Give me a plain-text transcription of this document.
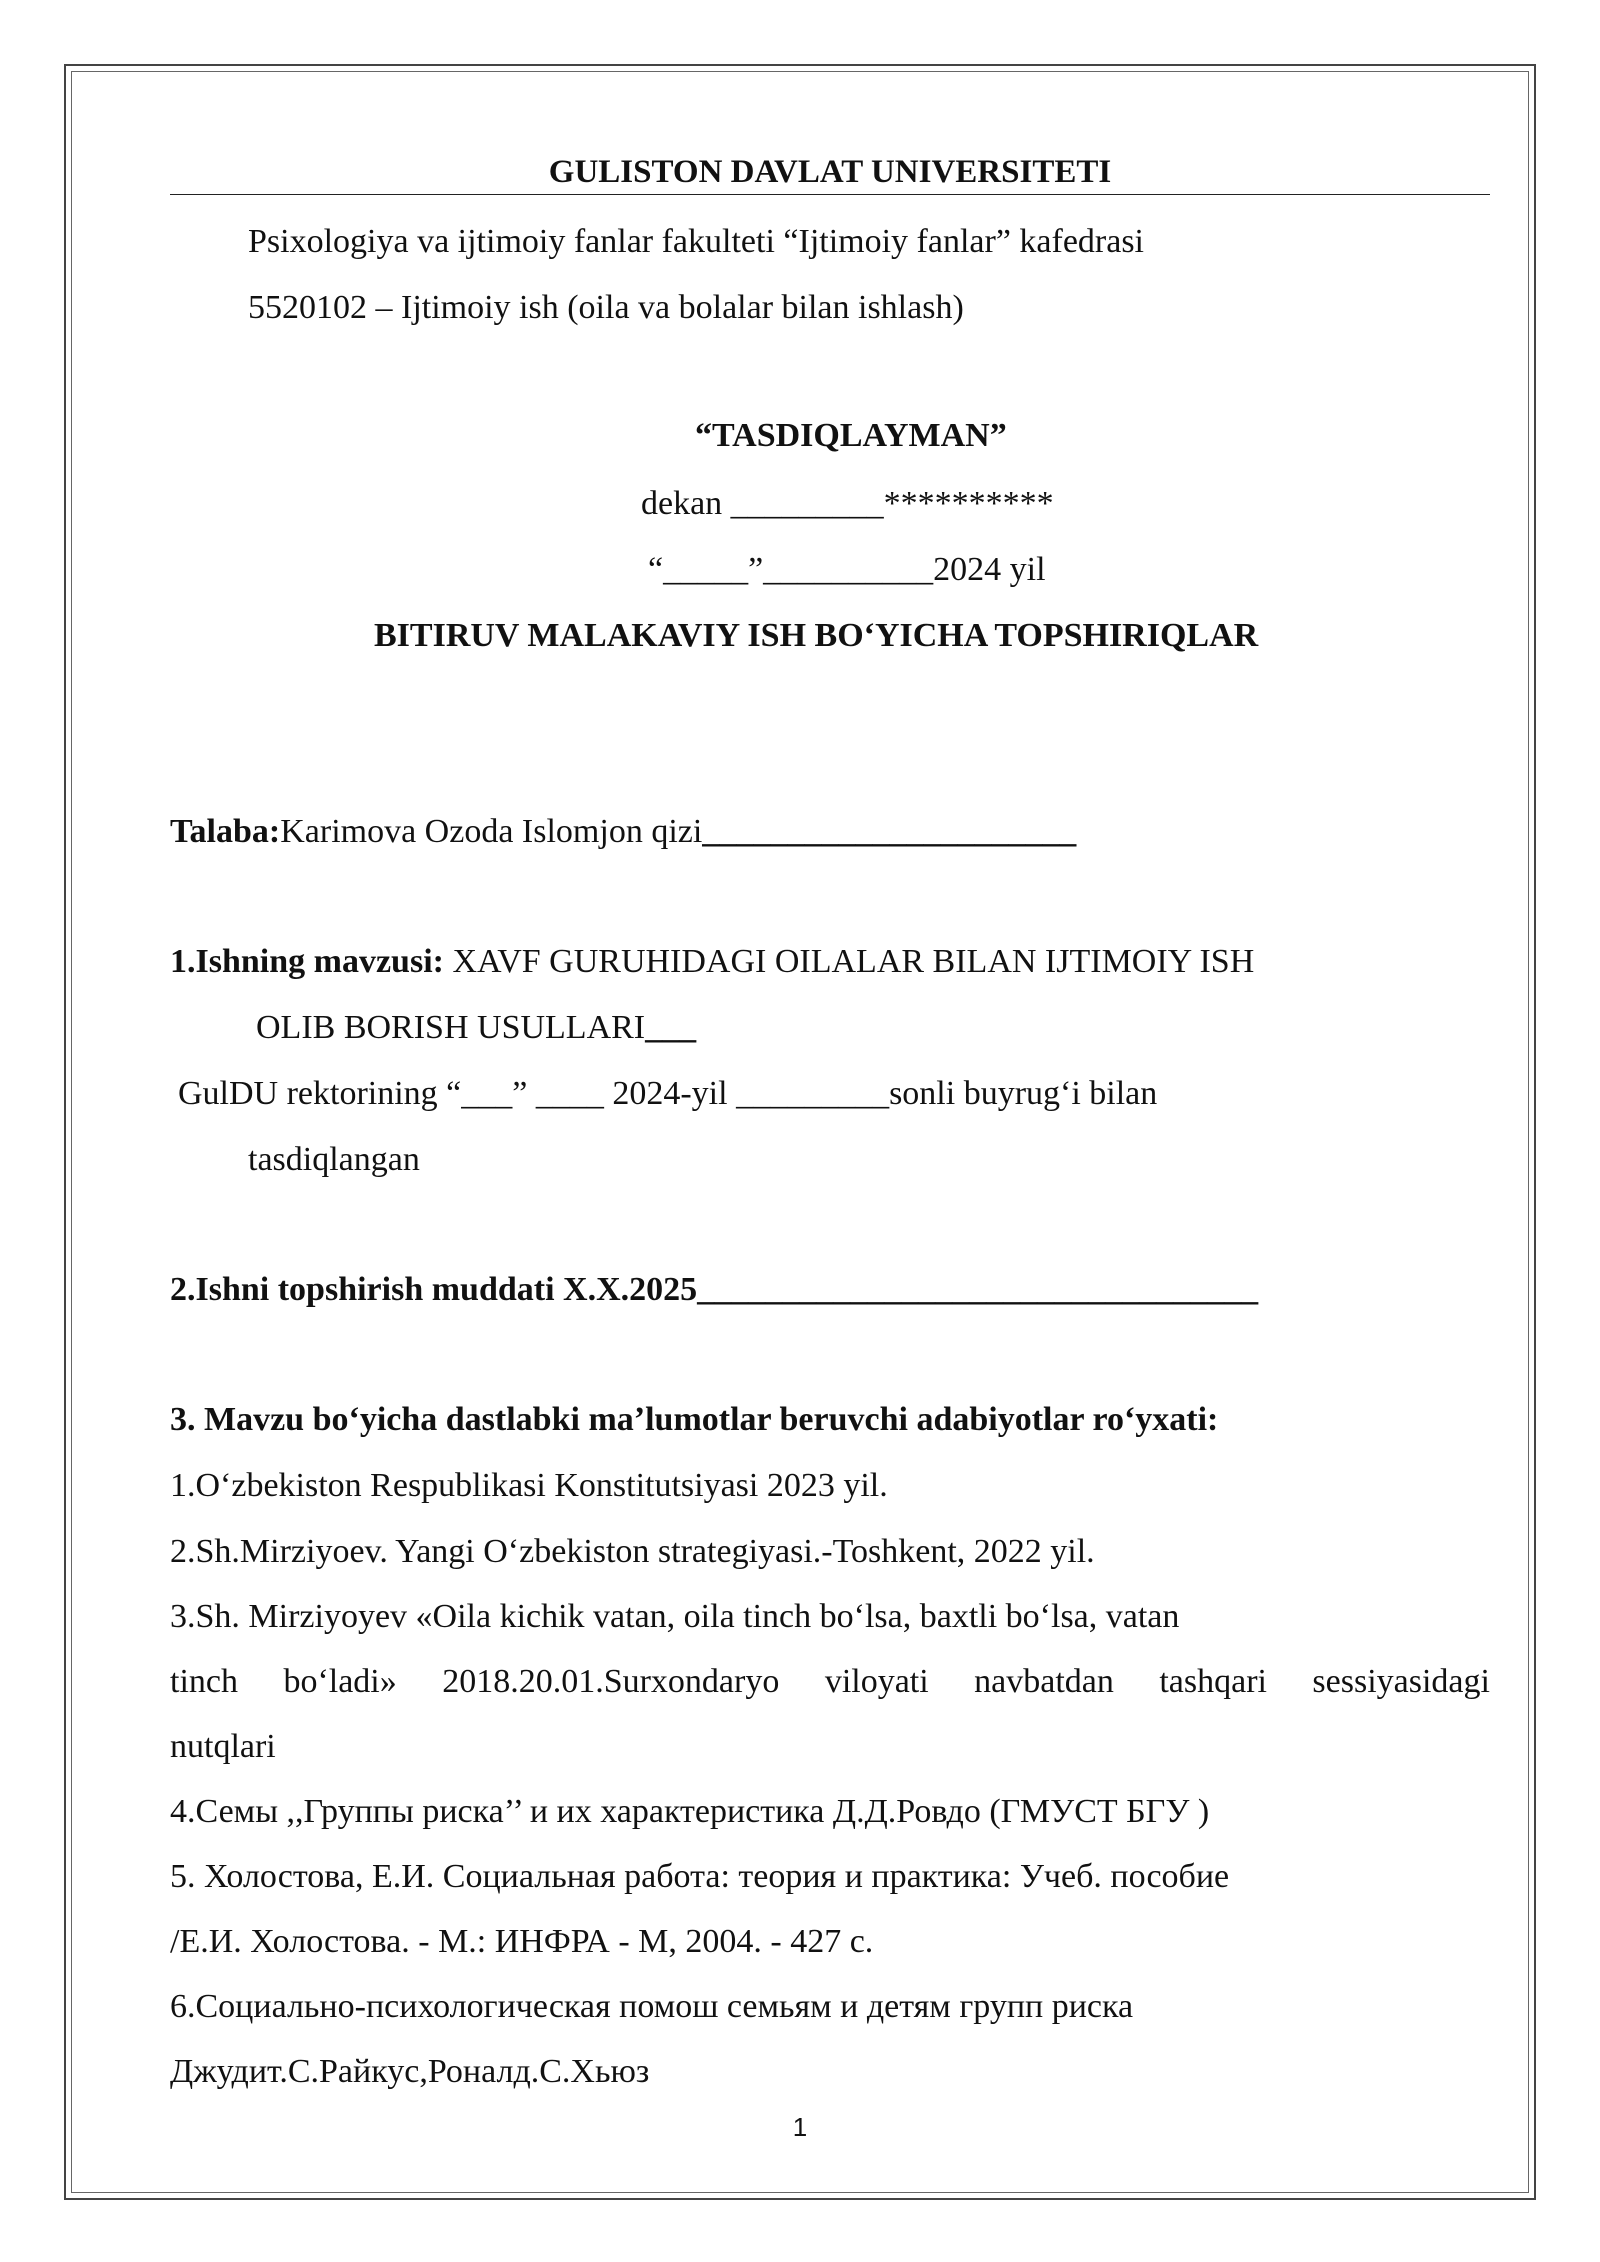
GULISTON DAVLAT UNIVERSITETI
Psixologiya va ijtimoiy fanlar fakulteti “Ijtimoiy fanlar” kafedrasi
5520102 – Ijtimoiy ish (oila va bolalar bilan ishlash)
“TASDIQLAYMAN”
dekan _________**********
“_____”__________2024 yil
BITIRUV MALAKAVIY ISH BOʻYICHA TOPSHIRIQLAR
Talaba:Karimova Ozoda Islomjon qizi______________________
1.Ishning mavzusi: XAVF GURUHIDAGI OILALAR BILAN IJTIMOIY ISH
OLIB BORISH USULLARI___
GulDU rektorining “___” ____ 2024-yil _________sonli buyrugʻi bilan
tasdiqlangan
2.Ishni topshirish muddati X.X.2025_________________________________
3. Mavzu boʻyicha dastlabki maʼlumotlar beruvchi adabiyotlar roʻyxati:
1.Oʻzbekiston Respublikasi Konstitutsiyasi 2023 yil.
2.Sh.Mirziyoev. Yangi Oʻzbekiston strategiyasi.-Toshkent, 2022 yil.
3.Sh. Mirziyoyev «Oila kichik vatan, oila tinch boʻlsa, baxtli boʻlsa, vatan
tinch boʻladi» 2018.20.01.Surxondaryo viloyati navbatdan tashqari sessiyasidagi
nutqlari
4.Семы ,,Группы риска’’ и их характеристика Д.Д.Ровдо (ГМУСТ БГУ )
5. Холостова, Е.И. Социальная работа: теория и практика: Учеб. пособие
/Е.И. Холостова. - М.: ИНФРА - М, 2004. - 427 с.
6.Социально-психологическая помош семьям и детям групп риска
Джудит.С.Райкус,Роналд.С.Хьюз
1
